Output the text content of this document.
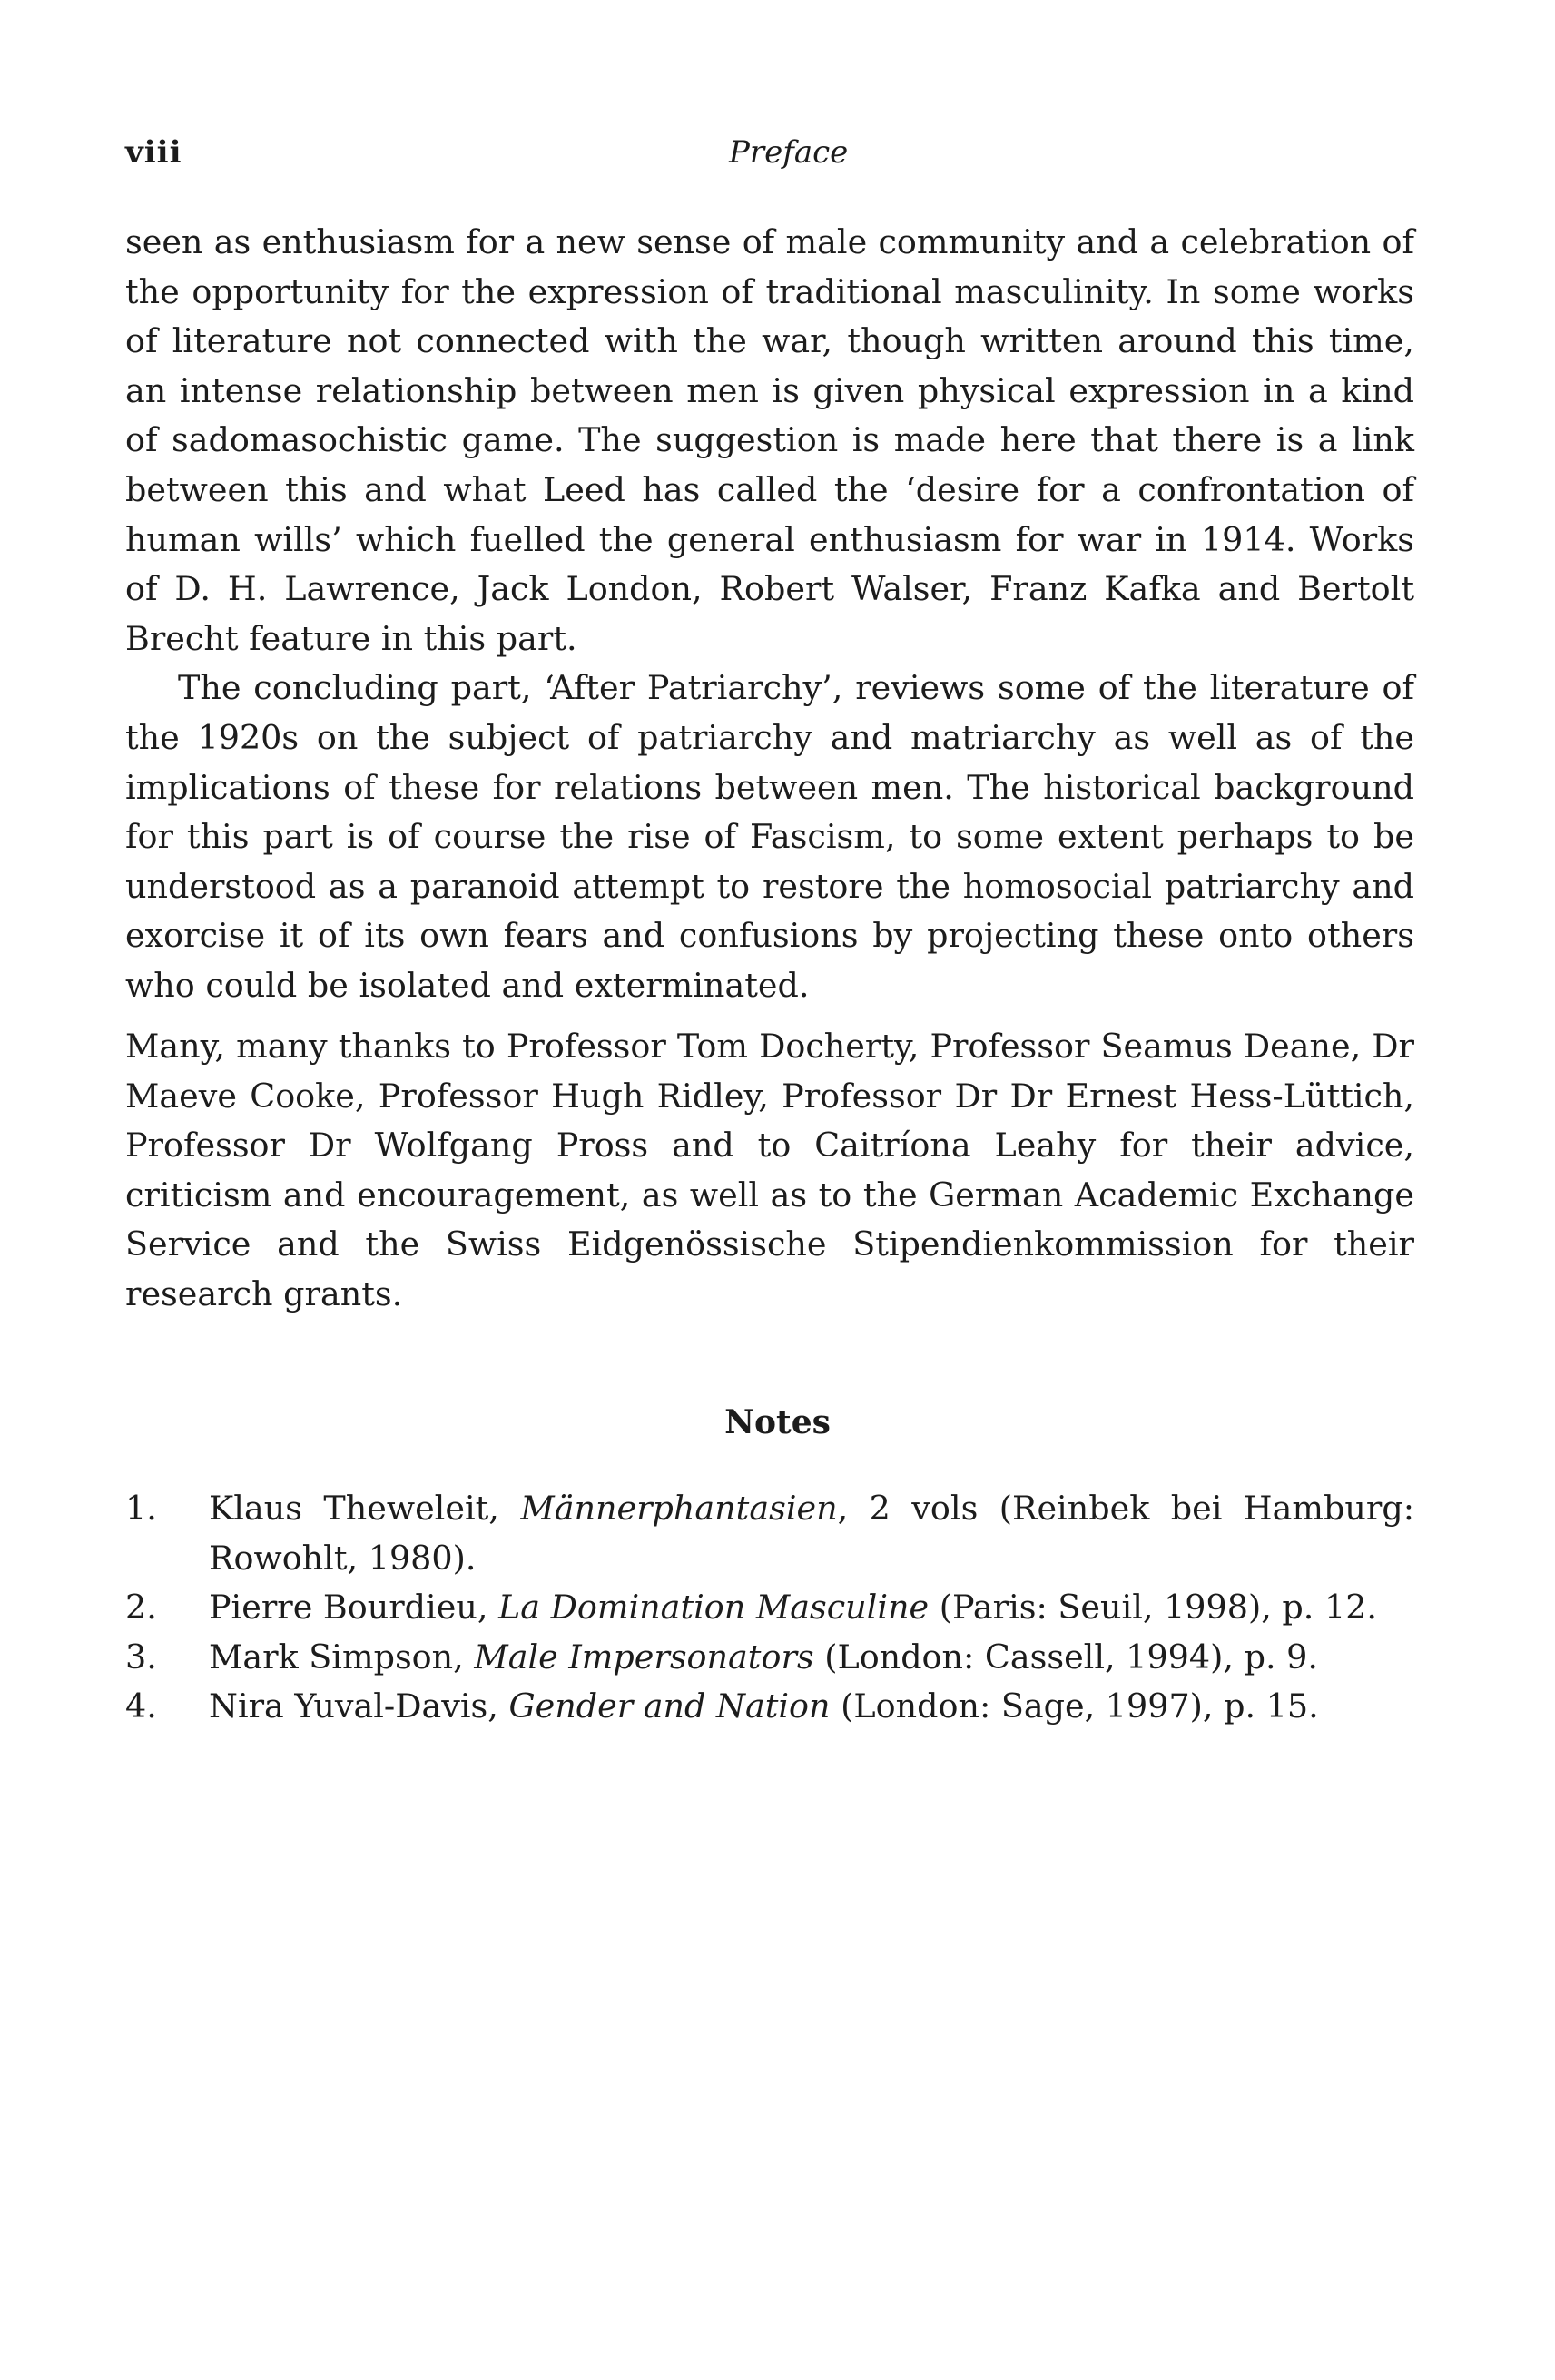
viii	Preface

seen as enthusiasm for a new sense of male community and a celebration of the opportunity for the expression of traditional masculinity. In some works of literature not connected with the war, though written around this time, an intense relationship between men is given physical expression in a kind of sadomasochistic game. The suggestion is made here that there is a link between this and what Leed has called the ‘desire for a confrontation of human wills’ which fuelled the general enthusiasm for war in 1914. Works of D. H. Lawrence, Jack London, Robert Walser, Franz Kafka and Bertolt Brecht feature in this part.

The concluding part, ‘After Patriarchy’, reviews some of the literature of the 1920s on the subject of patriarchy and matriarchy as well as of the implications of these for relations between men. The historical background for this part is of course the rise of Fascism, to some extent perhaps to be understood as a paranoid attempt to restore the homosocial patriarchy and exorcise it of its own fears and confusions by projecting these onto others who could be isolated and exterminated.

Many, many thanks to Professor Tom Docherty, Professor Seamus Deane, Dr Maeve Cooke, Professor Hugh Ridley, Professor Dr Dr Ernest Hess-Lüttich, Professor Dr Wolfgang Pross and to Caitríona Leahy for their advice, criticism and encouragement, as well as to the German Academic Exchange Service and the Swiss Eidgenössische Stipendienkommission for their research grants.

Notes
1. Klaus Theweleit, Männerphantasien, 2 vols (Reinbek bei Hamburg: Rowohlt, 1980).
2. Pierre Bourdieu, La Domination Masculine (Paris: Seuil, 1998), p. 12.
3. Mark Simpson, Male Impersonators (London: Cassell, 1994), p. 9.
4. Nira Yuval-Davis, Gender and Nation (London: Sage, 1997), p. 15.
